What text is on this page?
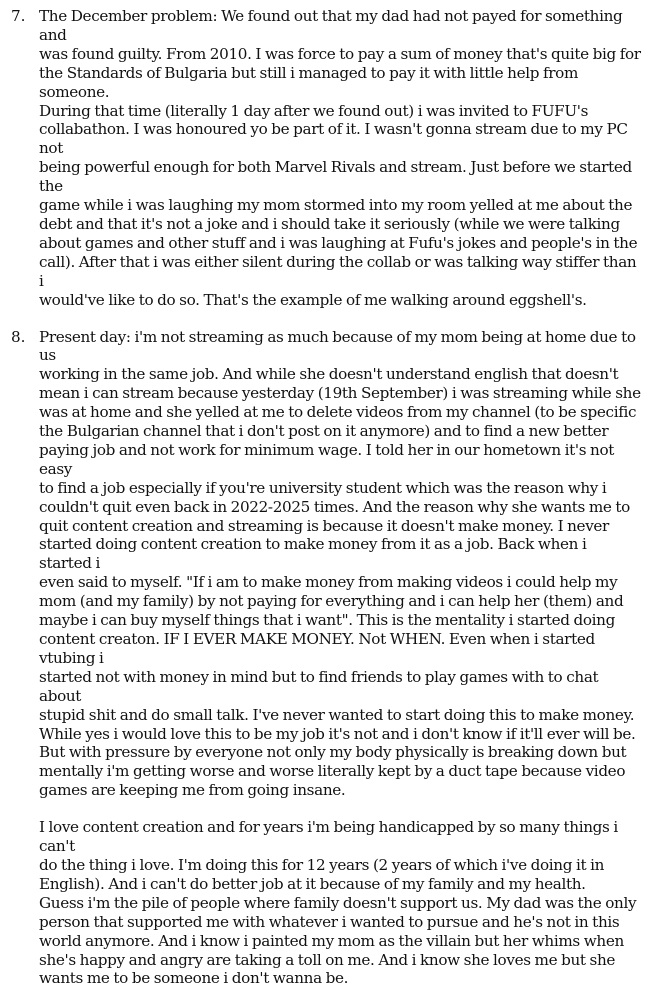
7. The December problem: We found out that my dad had not payed for something and
was found guilty. From 2010. I was force to pay a sum of money that's quite big for
the Standards of Bulgaria but still i managed to pay it with little help from someone.
During that time (literally 1 day after we found out) i was invited to FUFU's
collabathon. I was honoured yo be part of it. I wasn't gonna stream due to my PC not
being powerful enough for both Marvel Rivals and stream. Just before we started the
game while i was laughing my mom stormed into my room yelled at me about the
debt and that it's not a joke and i should take it seriously (while we were talking
about games and other stuff and i was laughing at Fufu's jokes and people's in the
call). After that i was either silent during the collab or was talking way stiffer than i
would've like to do so. That's the example of me walking around eggshell's.

8. Present day: i'm not streaming as much because of my mom being at home due to us
working in the same job. And while she doesn't understand english that doesn't
mean i can stream because yesterday (19th September) i was streaming while she
was at home and she yelled at me to delete videos from my channel (to be specific
the Bulgarian channel that i don't post on it anymore) and to find a new better
paying job and not work for minimum wage. I told her in our hometown it's not easy
to find a job especially if you're university student which was the reason why i
couldn't quit even back in 2022-2025 times. And the reason why she wants me to
quit content creation and streaming is because it doesn't make money. I never
started doing content creation to make money from it as a job. Back when i started i
even said to myself. "If i am to make money from making videos i could help my
mom (and my family) by not paying for everything and i can help her (them) and
maybe i can buy myself things that i want". This is the mentality i started doing
content creaton. IF I EVER MAKE MONEY. Not WHEN. Even when i started vtubing i
started not with money in mind but to find friends to play games with to chat about
stupid shit and do small talk. I've never wanted to start doing this to make money.
While yes i would love this to be my job it's not and i don't know if it'll ever will be.
But with pressure by everyone not only my body physically is breaking down but
mentally i'm getting worse and worse literally kept by a duct tape because video
games are keeping me from going insane.

I love content creation and for years i'm being handicapped by so many things i can't
do the thing i love. I'm doing this for 12 years (2 years of which i've doing it in
English). And i can't do better job at it because of my family and my health.
Guess i'm the pile of people where family doesn't support us. My dad was the only
person that supported me with whatever i wanted to pursue and he's not in this
world anymore. And i know i painted my mom as the villain but her whims when
she's happy and angry are taking a toll on me. And i know she loves me but she
wants me to be someone i don't wanna be.
